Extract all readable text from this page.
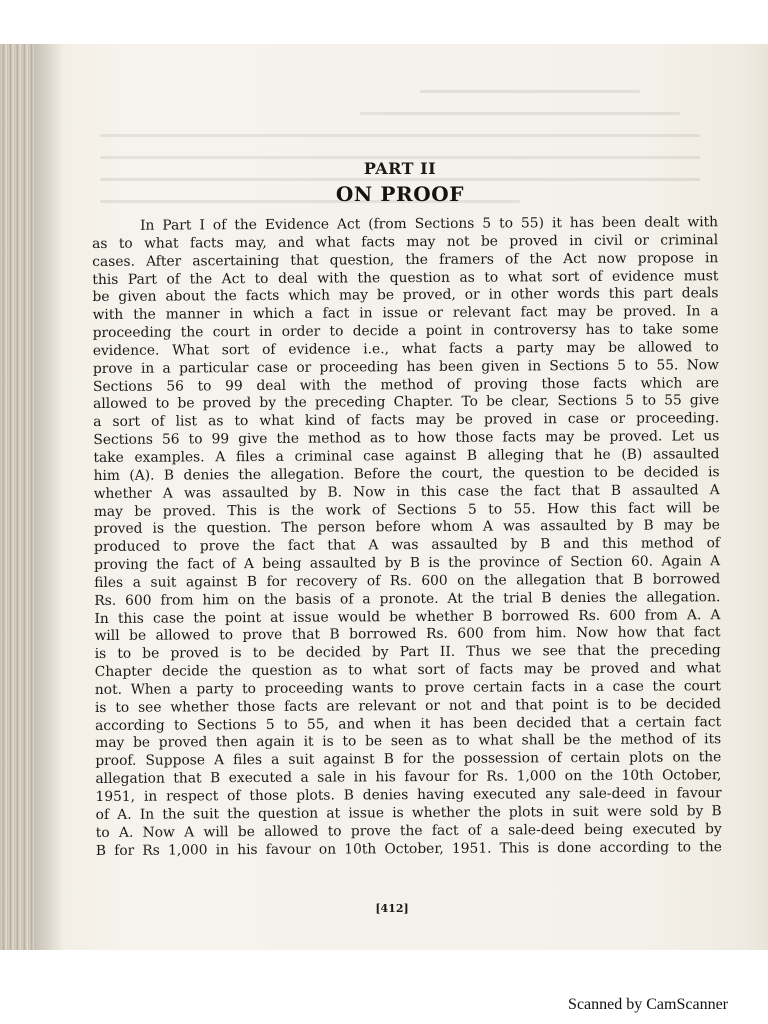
PART II
ON PROOF
In Part I of the Evidence Act (from Sections 5 to 55) it has been dealt with
as to what facts may, and what facts may not be proved in civil or criminal
cases. After ascertaining that question, the framers of the Act now propose in
this Part of the Act to deal with the question as to what sort of evidence must
be given about the facts which may be proved, or in other words this part deals
with the manner in which a fact in issue or relevant fact may be proved. In a
proceeding the court in order to decide a point in controversy has to take some
evidence. What sort of evidence i.e., what facts a party may be allowed to
prove in a particular case or proceeding has been given in Sections 5 to 55. Now
Sections 56 to 99 deal with the method of proving those facts which are
allowed to be proved by the preceding Chapter. To be clear, Sections 5 to 55 give
a sort of list as to what kind of facts may be proved in case or proceeding.
Sections 56 to 99 give the method as to how those facts may be proved. Let us
take examples. A files a criminal case against B alleging that he (B) assaulted
him (A). B denies the allegation. Before the court, the question to be decided is
whether A was assaulted by B. Now in this case the fact that B assaulted A
may be proved. This is the work of Sections 5 to 55. How this fact will be
proved is the question. The person before whom A was assaulted by B may be
produced to prove the fact that A was assaulted by B and this method of
proving the fact of A being assaulted by B is the province of Section 60. Again A
files a suit against B for recovery of Rs. 600 on the allegation that B borrowed
Rs. 600 from him on the basis of a pronote. At the trial B denies the allegation.
In this case the point at issue would be whether B borrowed Rs. 600 from A. A
will be allowed to prove that B borrowed Rs. 600 from him. Now how that fact
is to be proved is to be decided by Part II. Thus we see that the preceding
Chapter decide the question as to what sort of facts may be proved and what
not. When a party to proceeding wants to prove certain facts in a case the court
is to see whether those facts are relevant or not and that point is to be decided
according to Sections 5 to 55, and when it has been decided that a certain fact
may be proved then again it is to be seen as to what shall be the method of its
proof. Suppose A files a suit against B for the possession of certain plots on the
allegation that B executed a sale in his favour for Rs. 1,000 on the 10th October,
1951, in respect of those plots. B denies having executed any sale-deed in favour
of A. In the suit the question at issue is whether the plots in suit were sold by B
to A. Now A will be allowed to prove the fact of a sale-deed being executed by
B for Rs 1,000 in his favour on 10th October, 1951. This is done according to the
[412]
Scanned by CamScanner
